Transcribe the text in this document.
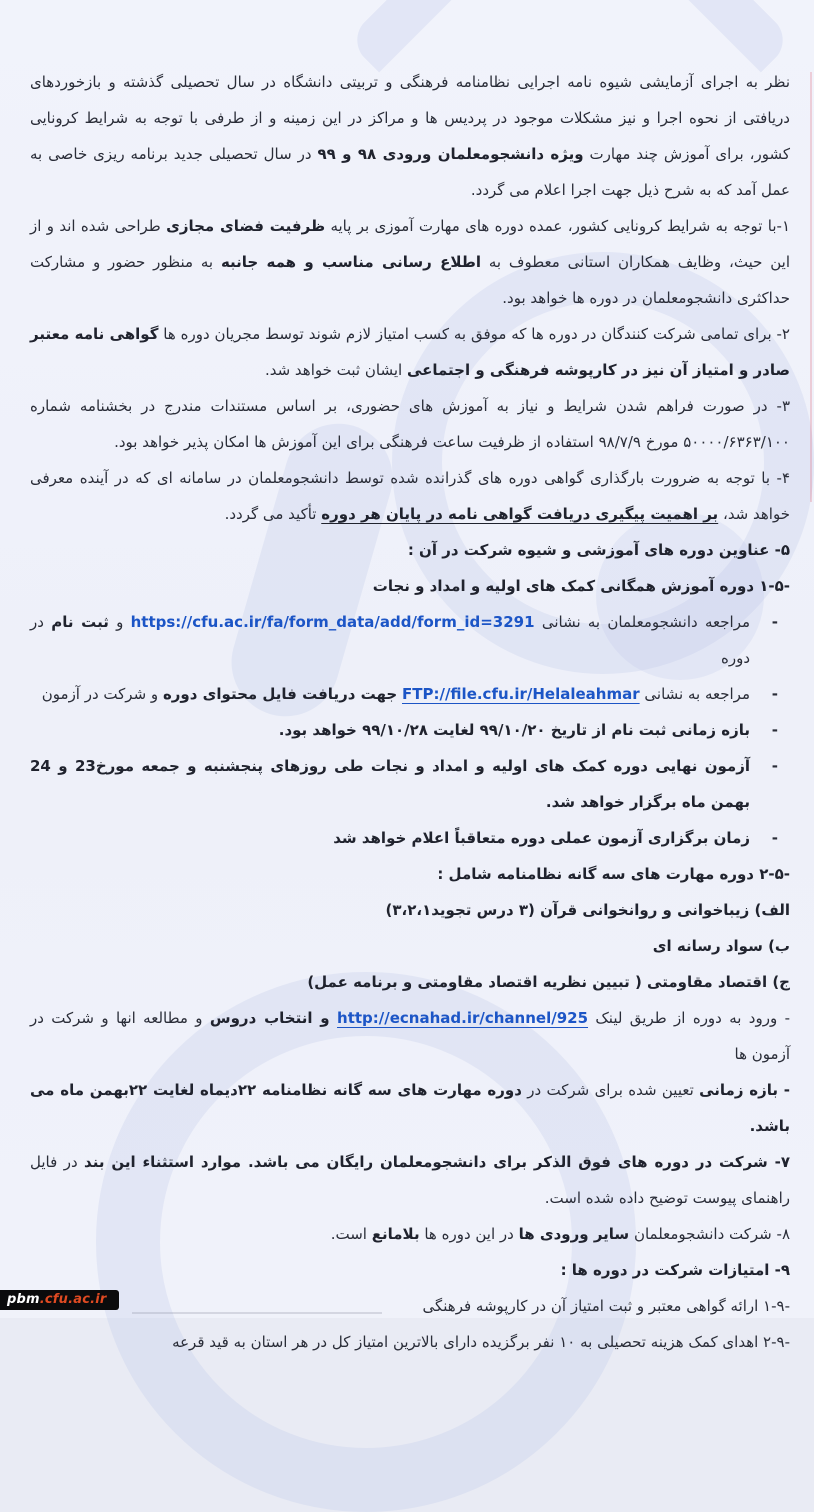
نظر به اجرای آزمایشی شیوه نامه اجرایی نظامنامه فرهنگی و تربیتی دانشگاه در سال تحصیلی گذشته و بازخوردهای دریافتی از نحوه اجرا و نیز مشکلات موجود در پردیس ها و مراکز در این زمینه و از طرفی با توجه به شرایط کرونایی کشور، برای آموزش چند مهارت ویژه دانشجومعلمان ورودی ۹۸ و ۹۹ در سال تحصیلی جدید برنامه ریزی خاصی به عمل آمد که به شرح ذیل جهت اجرا اعلام می گردد.
۱-با توجه به شرایط کرونایی کشور، عمده دوره های مهارت آموزی بر پایه ظرفیت فضای مجازی طراحی شده اند و از این حیث، وظایف همکاران استانی معطوف به اطلاع رسانی مناسب و همه جانبه به منظور حضور و مشارکت حداکثری دانشجومعلمان در دوره ها خواهد بود.
۲- برای تمامی شرکت کنندگان در دوره ها که موفق به کسب امتیاز لازم شوند توسط مجریان دوره ها گواهی نامه معتبر صادر و امتیاز آن نیز در کارپوشه فرهنگی و اجتماعی ایشان ثبت خواهد شد.
۳- در صورت فراهم شدن شرایط و نیاز به آموزش های حضوری، بر اساس مستندات مندرج در بخشنامه شماره ۵۰۰۰۰/۶۳۶۳/۱۰۰ مورخ ۹۸/۷/۹ استفاده از ظرفیت ساعت فرهنگی برای این آموزش ها امکان پذیر خواهد بود.
۴- با توجه به ضرورت بارگذاری گواهی دوره های گذرانده شده توسط دانشجومعلمان در سامانه ای که در آینده معرفی خواهد شد، بر اهمیت پیگیری دریافت گواهی نامه در پایان هر دوره تأکید می گردد.
۵- عناوین دوره های آموزشی و شیوه شرکت در آن :
۱-۵- دوره آموزش همگانی کمک های اولیه و امداد و نجات
-
مراجعه دانشجومعلمان به نشانی https://cfu.ac.ir/fa/form_data/add/form_id=3291 و ثبت نام در دوره
-
مراجعه به نشانی FTP://file.cfu.ir/Helaleahmar جهت دریافت فایل محتوای دوره و شرکت در آزمون
-
بازه زمانی ثبت نام از تاریخ ۹۹/۱۰/۲۰ لغایت ۹۹/۱۰/۲۸ خواهد بود.
-
آزمون نهایی دوره کمک های اولیه و امداد و نجات طی روزهای پنجشنبه و جمعه مورخ23 و 24 بهمن ماه برگزار خواهد شد.
-
زمان برگزاری آزمون عملی دوره متعاقباً اعلام خواهد شد
۲-۵- دوره مهارت های سه گانه نظامنامه شامل :
الف) زیباخوانی و روانخوانی قرآن (۳ درس تجوید۳،۲،۱)
ب) سواد رسانه ای
ج) اقتصاد مقاومتی ( تبیین نظریه اقتصاد مقاومتی و برنامه عمل)
- ورود به دوره از طریق لینک http://ecnahad.ir/channel/925 و انتخاب دروس و مطالعه انها و شرکت در آزمون ها
- بازه زمانی تعیین شده برای شرکت در دوره مهارت های سه گانه نظامنامه ۲۲دیماه لغایت ۲۲بهمن ماه می باشد.
۷- شرکت در دوره های فوق الذکر برای دانشجومعلمان رایگان می باشد. موارد استثناء این بند در فایل راهنمای پیوست توضیح داده شده است.
۸- شرکت دانشجومعلمان سایر ورودی ها در این دوره ها بلامانع است.
۹- امتیازات شرکت در دوره ها :
۱-۹- ارائه گواهی معتبر و ثبت امتیاز آن در کارپوشه فرهنگی
۲-۹- اهدای کمک هزینه تحصیلی به ۱۰ نفر برگزیده دارای بالاترین امتیاز کل در هر استان به قید قرعه
pbm.cfu.ac.ir
